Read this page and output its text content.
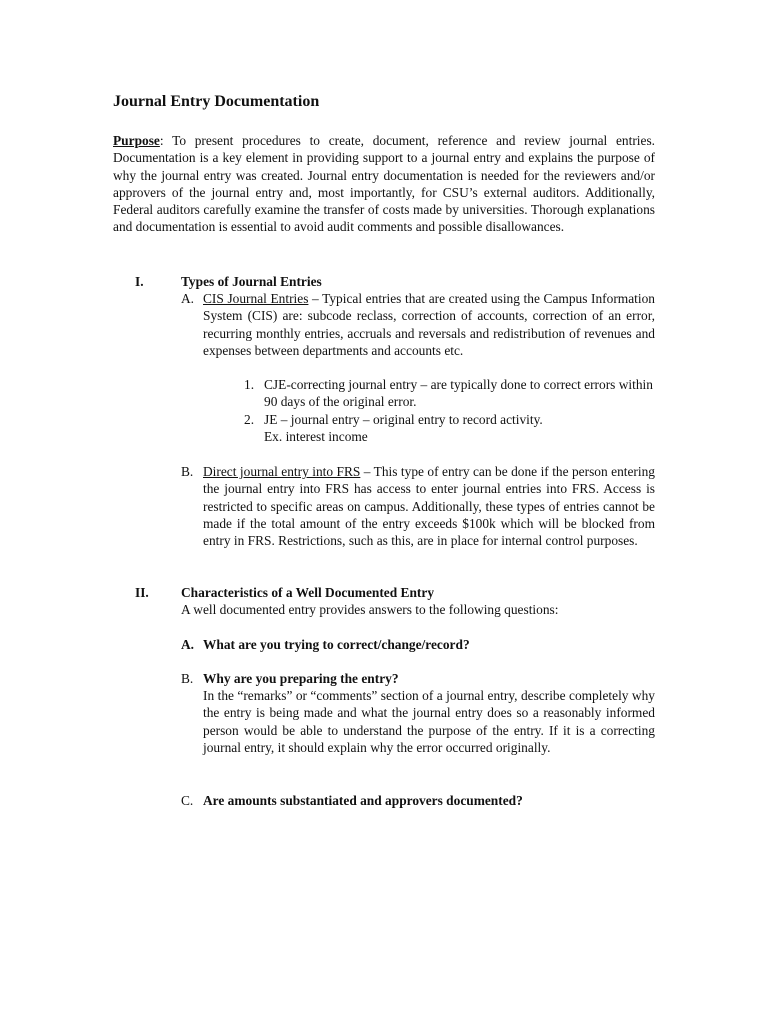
Journal Entry Documentation

Purpose: To present procedures to create, document, reference and review journal entries. Documentation is a key element in providing support to a journal entry and explains the purpose of why the journal entry was created. Journal entry documentation is needed for the reviewers and/or approvers of the journal entry and, most importantly, for CSU’s external auditors. Additionally, Federal auditors carefully examine the transfer of costs made by universities. Thorough explanations and documentation is essential to avoid audit comments and possible disallowances.

I.	Types of Journal Entries
A. CIS Journal Entries – Typical entries that are created using the Campus Information System (CIS) are: subcode reclass, correction of accounts, correction of an error, recurring monthly entries, accruals and reversals and redistribution of revenues and expenses between departments and accounts etc.

1. CJE-correcting journal entry – are typically done to correct errors within 90 days of the original error.
2. JE – journal entry – original entry to record activity.
Ex. interest income
B. Direct journal entry into FRS – This type of entry can be done if the person entering the journal entry into FRS has access to enter journal entries into FRS. Access is restricted to specific areas on campus. Additionally, these types of entries cannot be made if the total amount of the entry exceeds $100k which will be blocked from entry in FRS. Restrictions, such as this, are in place for internal control purposes.

II. Characteristics of a Well Documented Entry
A well documented entry provides answers to the following questions:
A. What are you trying to correct/change/record?
B. Why are you preparing the entry?

In the “remarks” or “comments” section of a journal entry, describe completely why the entry is being made and what the journal entry does so a reasonably informed person would be able to understand the purpose of the entry. If it is a correcting journal entry, it should explain why the error occurred originally.

C. Are amounts substantiated and approvers documented?
